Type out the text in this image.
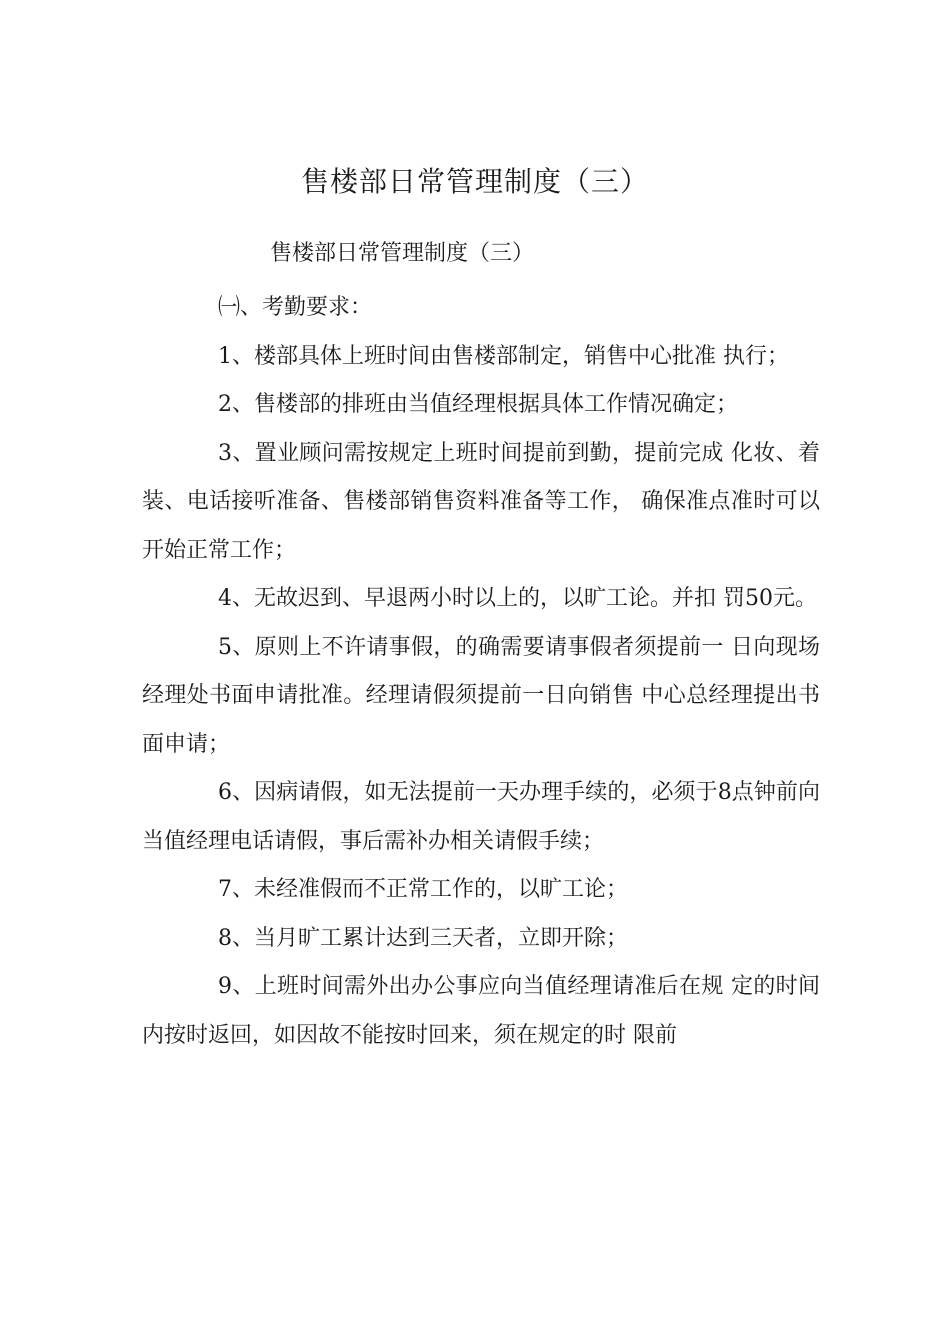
售楼部日常管理制度（三）
售楼部日常管理制度（三）

㈠、考勤要求：

1、楼部具体上班时间由售楼部制定，销售中心批准 执行；

2、售楼部的排班由当值经理根据具体工作情况确定；

3、置业顾问需按规定上班时间提前到勤，提前完成 化妆、着装、电话接听准备、售楼部销售资料准备等工作， 确保准点准时可以开始正常工作；

4、无故迟到、早退两小时以上的，以旷工论。并扣 罚50元。

5、原则上不许请事假，的确需要请事假者须提前一 日向现场经理处书面申请批准。经理请假须提前一日向销售 中心总经理提出书面申请；

6、因病请假，如无法提前一天办理手续的，必须于8点钟前向当值经理电话请假，事后需补办相关请假手续；

7、未经准假而不正常工作的，以旷工论；

8、当月旷工累计达到三天者，立即开除；

9、上班时间需外出办公事应向当值经理请准后在规 定的时间内按时返回，如因故不能按时回来，须在规定的时 限前
